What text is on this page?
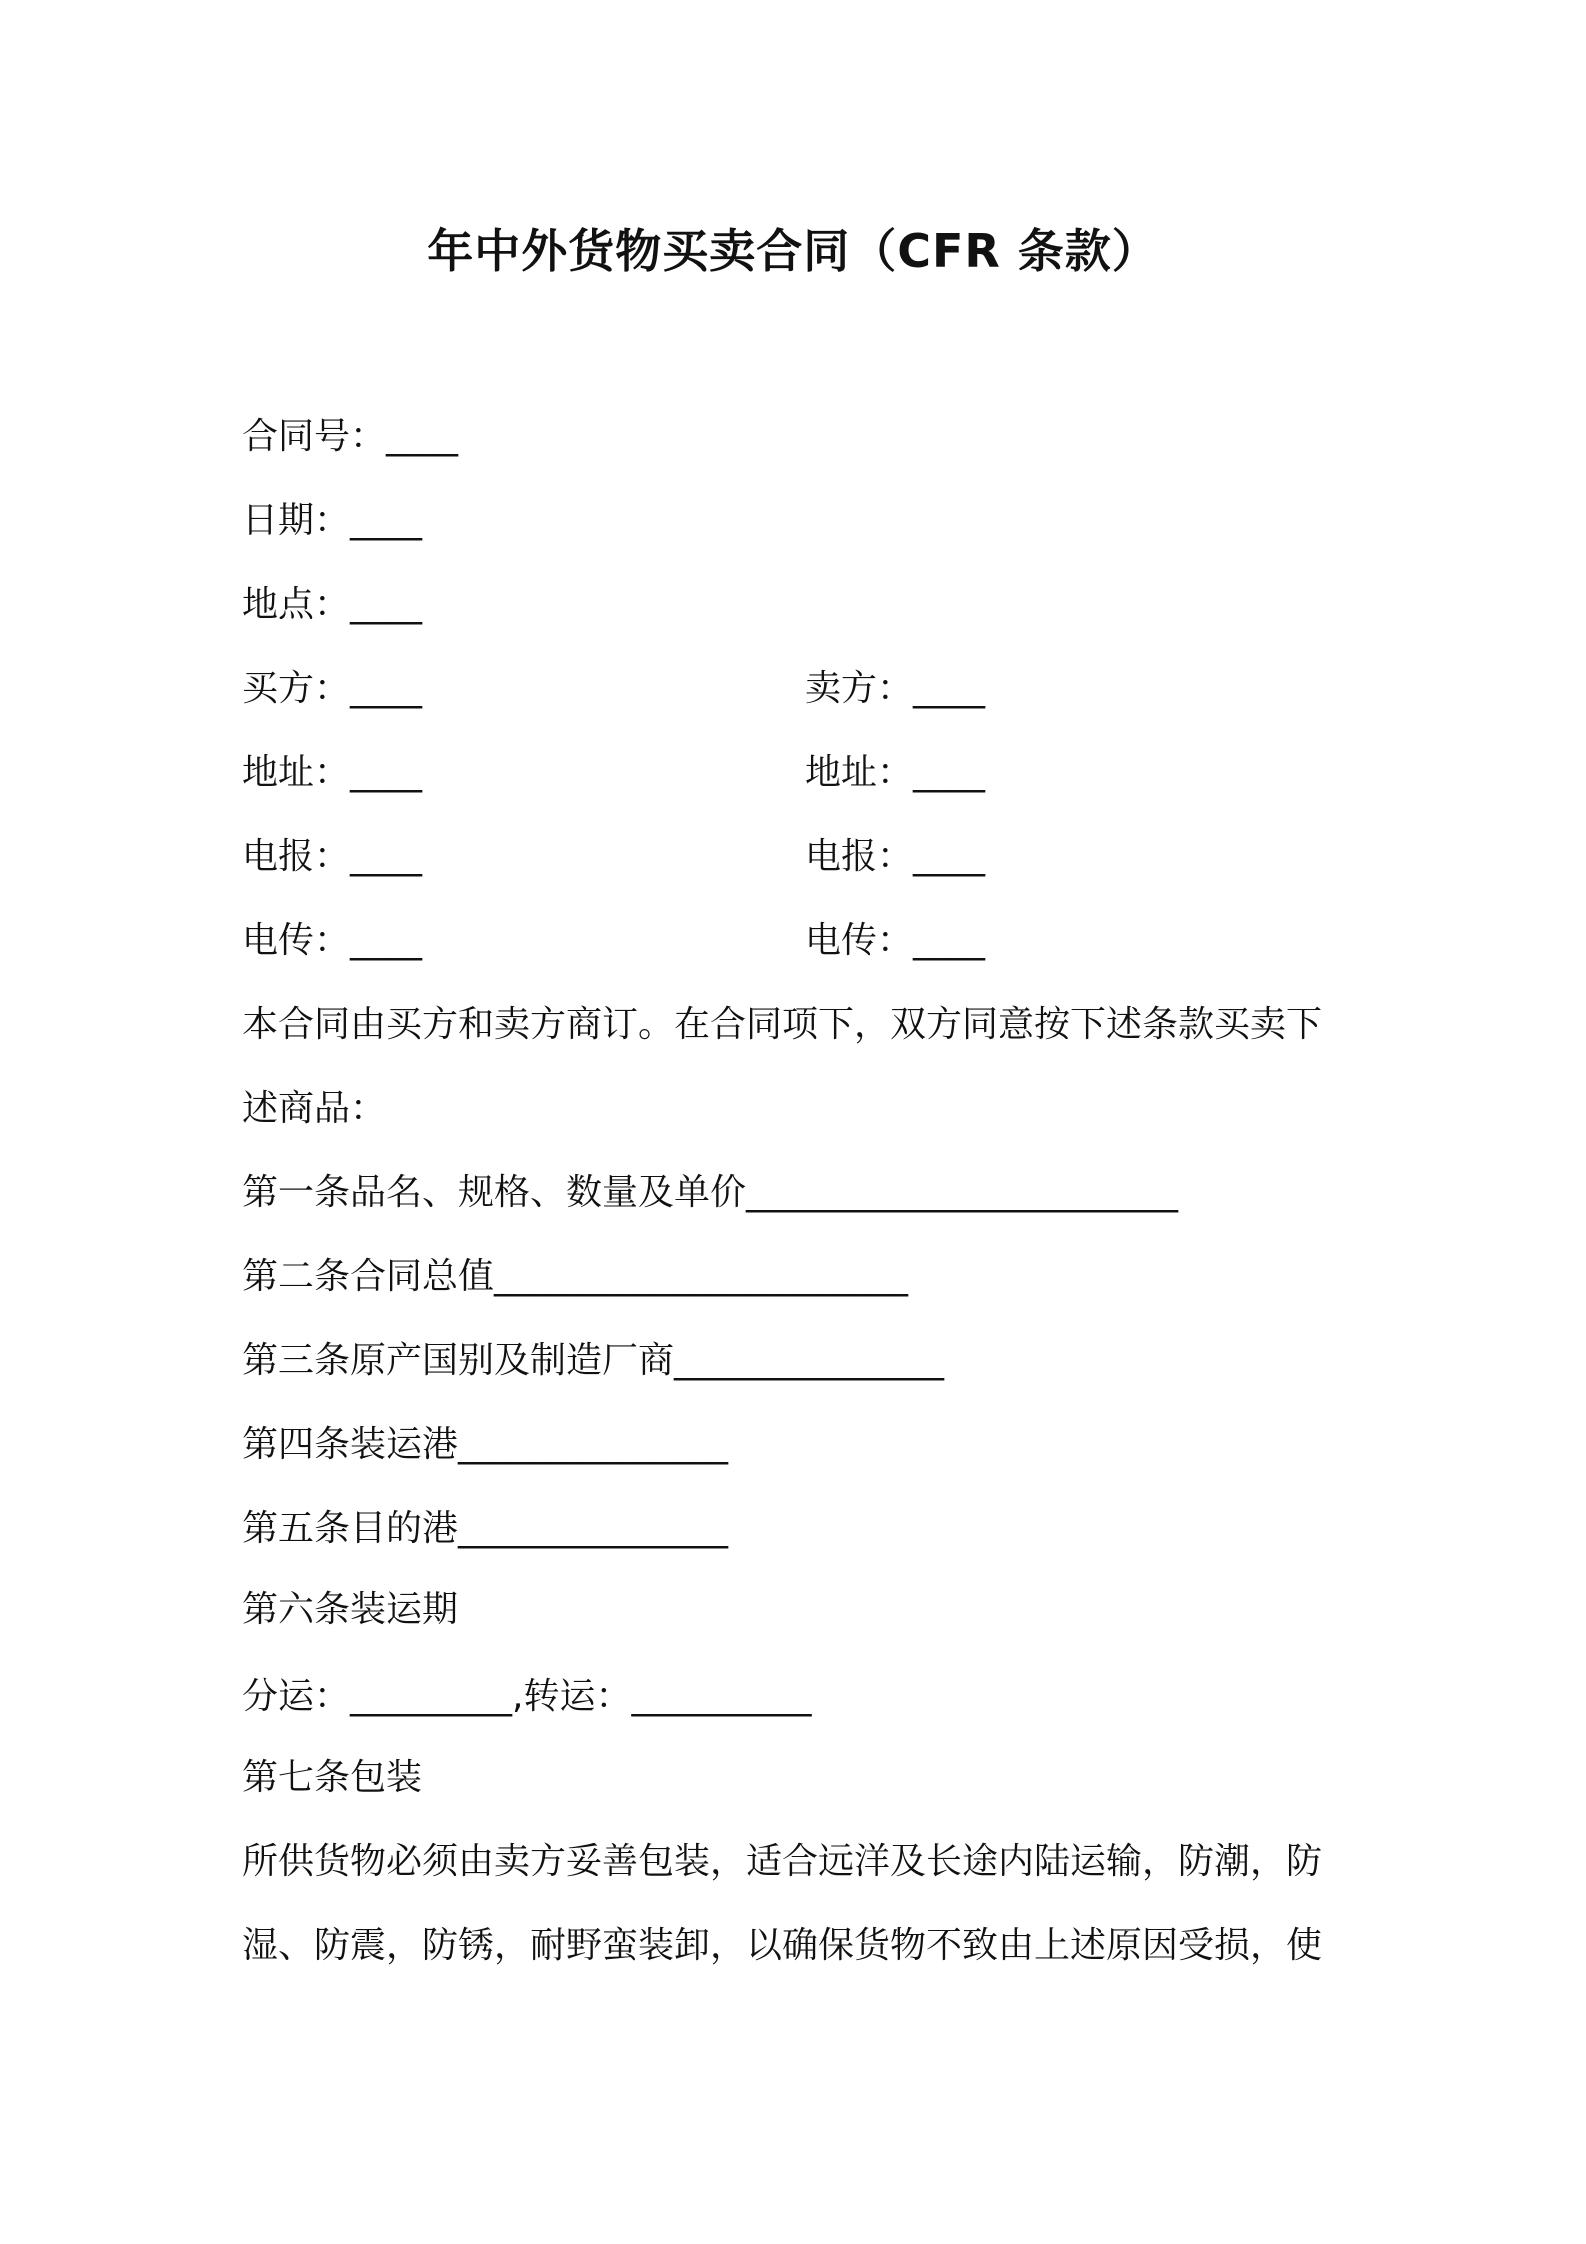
年中外货物买卖合同（CFR 条款）
合同号：____
日期：____
地点：____
买方：____	卖方：____
地址：____	地址：____
电报：____	电报：____
电传：____	电传：____
本合同由买方和卖方商订。在合同项下，双方同意按下述条款买卖下
述商品：
第一条品名、规格、数量及单价________________________
第二条合同总值_______________________
第三条原产国别及制造厂商_______________
第四条装运港_______________
第五条目的港_______________
第六条装运期
分运：_________,转运：__________
第七条包装
所供货物必须由卖方妥善包装，适合远洋及长途内陆运输，防潮，防
湿、防震，防锈，耐野蛮装卸，以确保货物不致由上述原因受损，使
